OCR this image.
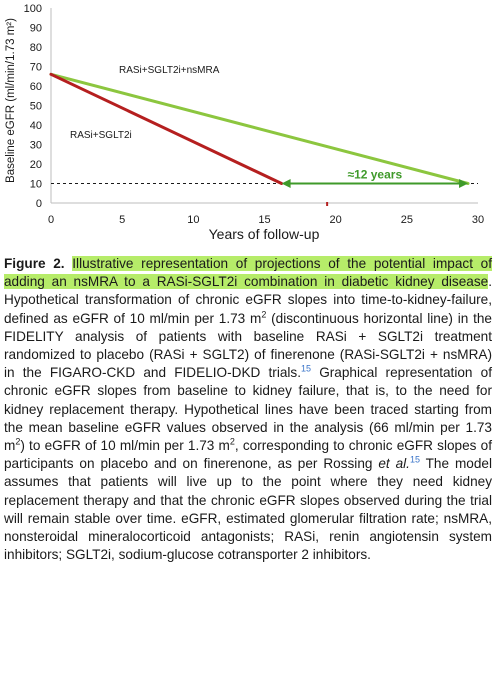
0
10
20
30
40
50
60
70
80
90
100
0	5	10	15	20	25	30
≈12 years
Baseline eGFR (ml/min/1.73 m²)
Years of follow-up
RASi+SGLT2i+nsMRA
RASi+SGLT2i
Figure 2. Illustrative representation of projections of the potential impact of adding an nsMRA to a RASi-SGLT2i combination in diabetic kidney disease. Hypothetical transformation of chronic eGFR slopes into time-to-kidney-failure, defined as eGFR of 10 ml/min per 1.73 $m^2$ (discontinuous horizontal line) in the FIDELITY analysis of patients with baseline RASi + SGLT2i treatment randomized to placebo (RASi + SGLT2) of finerenone (RASi-SGLT2i + nsMRA) in the FIGARO-CKD and FIDELIO-DKD trials.$^{15}$ Graphical representation of chronic eGFR slopes from baseline to kidney failure, that is, to the need for kidney replacement therapy. Hypothetical lines have been traced starting from the mean baseline eGFR values observed in the analysis (66 ml/min per 1.73 $m^2$) to eGFR of 10 ml/min per 1.73 $m^2$, corresponding to chronic eGFR slopes of participants on placebo and on finerenone, as per Rossing et al.$^{15}$ The model assumes that patients will live up to the point where they need kidney replacement therapy and that the chronic eGFR slopes observed during the trial will remain stable over time. eGFR, estimated glomerular filtration rate; nsMRA, nonsteroidal mineralocorticoid antagonists; RASi, renin angiotensin system inhibitors; SGLT2i, sodium-glucose cotransporter 2 inhibitors.
